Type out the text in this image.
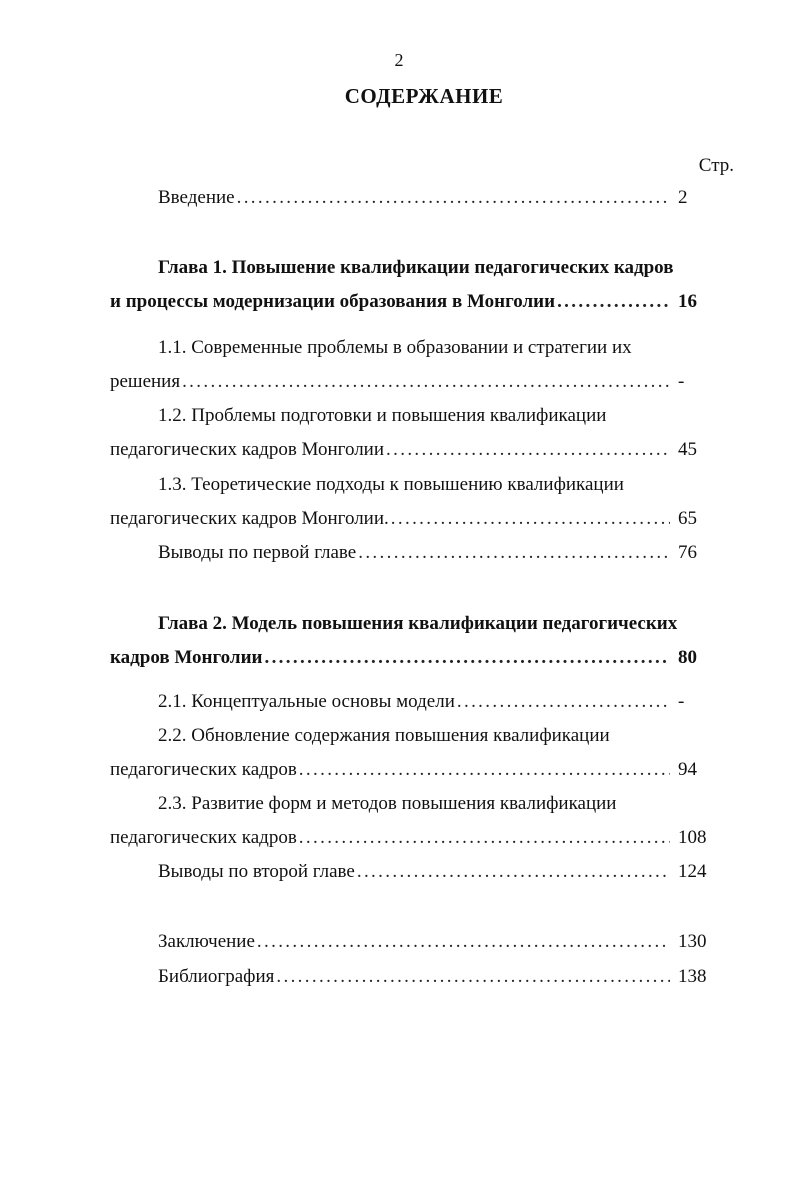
2
СОДЕРЖАНИЕ
Стр.
Введение . . .	2
Глава 1. Повышение квалификации педагогических кадров
и процессы модернизации образования в Монголии . . .	16
1.1. Современные проблемы в образовании и стратегии их
решения . . .	-
1.2. Проблемы подготовки и повышения квалификации
педагогических кадров Монголии . . .	45
1.3. Теоретические подходы к повышению квалификации
педагогических кадров Монголии. . . .	65
Выводы по первой главе . . .	76
Глава 2. Модель повышения квалификации педагогических
кадров Монголии . . .	80
2.1. Концептуальные основы модели . . .	-
2.2. Обновление содержания повышения квалификации
педагогических кадров . . .	94
2.3. Развитие форм и методов повышения квалификации
педагогических кадров . . .	108
Выводы по второй главе . . .	124
Заключение . . .	130
Библиография . . .	138
